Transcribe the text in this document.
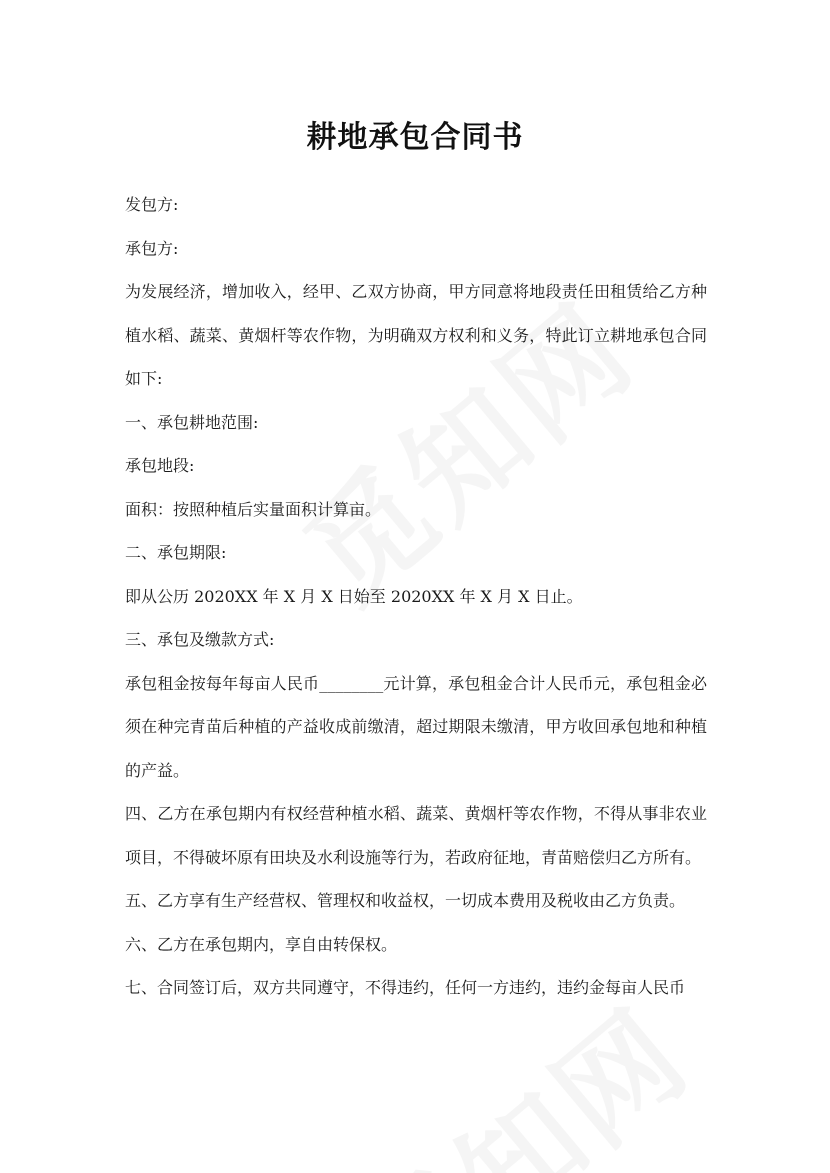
耕地承包合同书

发包方:

承包方:

为发展经济，增加收入，经甲、乙双方协商，甲方同意将地段责任田租赁给乙方种植水稻、蔬菜、黄烟杆等农作物，为明确双方权利和义务，特此订立耕地承包合同如下:

一、承包耕地范围:

承包地段:

面积：按照种植后实量面积计算亩。

二、承包期限:

即从公历 2020XX 年 X 月 X 日始至 2020XX 年 X 月 X 日止。

三、承包及缴款方式:

承包租金按每年每亩人民币________元计算，承包租金合计人民币元，承包租金必须在种完青苗后种植的产益收成前缴清，超过期限未缴清，甲方收回承包地和种植的产益。

四、乙方在承包期内有权经营种植水稻、蔬菜、黄烟杆等农作物，不得从事非农业项目，不得破坏原有田块及水利设施等行为，若政府征地，青苗赔偿归乙方所有。

五、乙方享有生产经营权、管理权和收益权，一切成本费用及税收由乙方负责。

六、乙方在承包期内，享自由转保权。

七、合同签订后，双方共同遵守，不得违约，任何一方违约，违约金每亩人民币
